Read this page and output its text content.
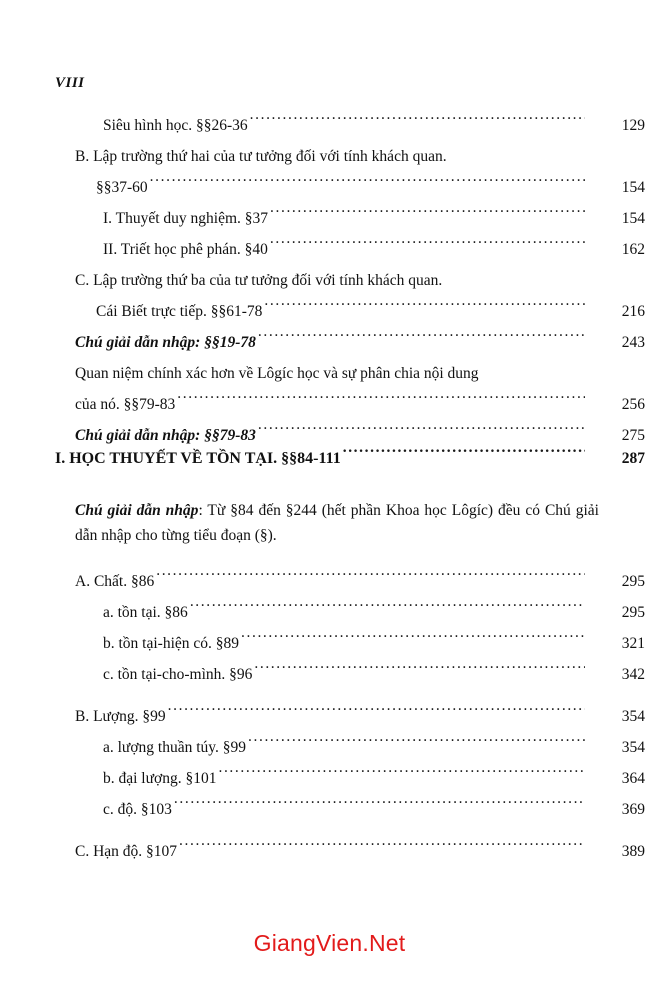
VIII
Siêu hình học. §§26-36 .....	129
B. Lập trường thứ hai của tư tưởng đối với tính khách quan.
§§37-60 .....	154
I. Thuyết duy nghiệm. §37 .....	154
II. Triết học phê phán. §40 .....	162
C. Lập trường thứ ba của tư tưởng đối với tính khách quan.
Cái Biết trực tiếp. §§61-78 .....	216
Chú giải dẫn nhập: §§19-78 .....	243
Quan niệm chính xác hơn về Lôgíc học và sự phân chia nội dung
của nó. §§79-83 .....	256
Chú giải dẫn nhập: §§79-83 .....	275
I. HỌC THUYẾT VỀ TỒN TẠI. §§84-111 .....	287
Chú giải dẫn nhập: Từ §84 đến §244 (hết phần Khoa học Lôgíc) đều có Chú giải dẫn nhập cho từng tiểu đoạn (§).
A. Chất. §86 .....	295
a. tồn tại. §86 .....	295
b. tồn tại-hiện có. §89 .....	321
c. tồn tại-cho-mình. §96 .....	342
B. Lượng. §99 .....	354
a. lượng thuần túy. §99 .....	354
b. đại lượng. §101 .....	364
c. độ. §103 .....	369
C. Hạn độ. §107 .....	389
GiangVien.Net
